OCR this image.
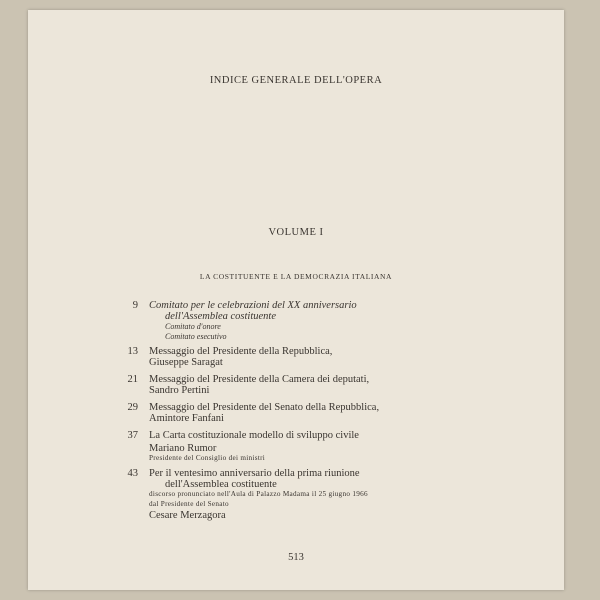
INDICE GENERALE DELL'OPERA
VOLUME I
LA COSTITUENTE E LA DEMOCRAZIA ITALIANA
9 Comitato per le celebrazioni del XX anniversario
dell'Assemblea costituente
Comitato d'onore
Comitato esecutivo
13 Messaggio del Presidente della Repubblica,
Giuseppe Saragat
21 Messaggio del Presidente della Camera dei deputati,
Sandro Pertini
29 Messaggio del Presidente del Senato della Repubblica,
Amintore Fanfani
37 La Carta costituzionale modello di sviluppo civile
Mariano Rumor
Presidente del Consiglio dei ministri
43 Per il ventesimo anniversario della prima riunione
dell'Assemblea costituente
discorso pronunciato nell'Aula di Palazzo Madama il 25 giugno 1966
dal Presidente del Senato
Cesare Merzagora
513
